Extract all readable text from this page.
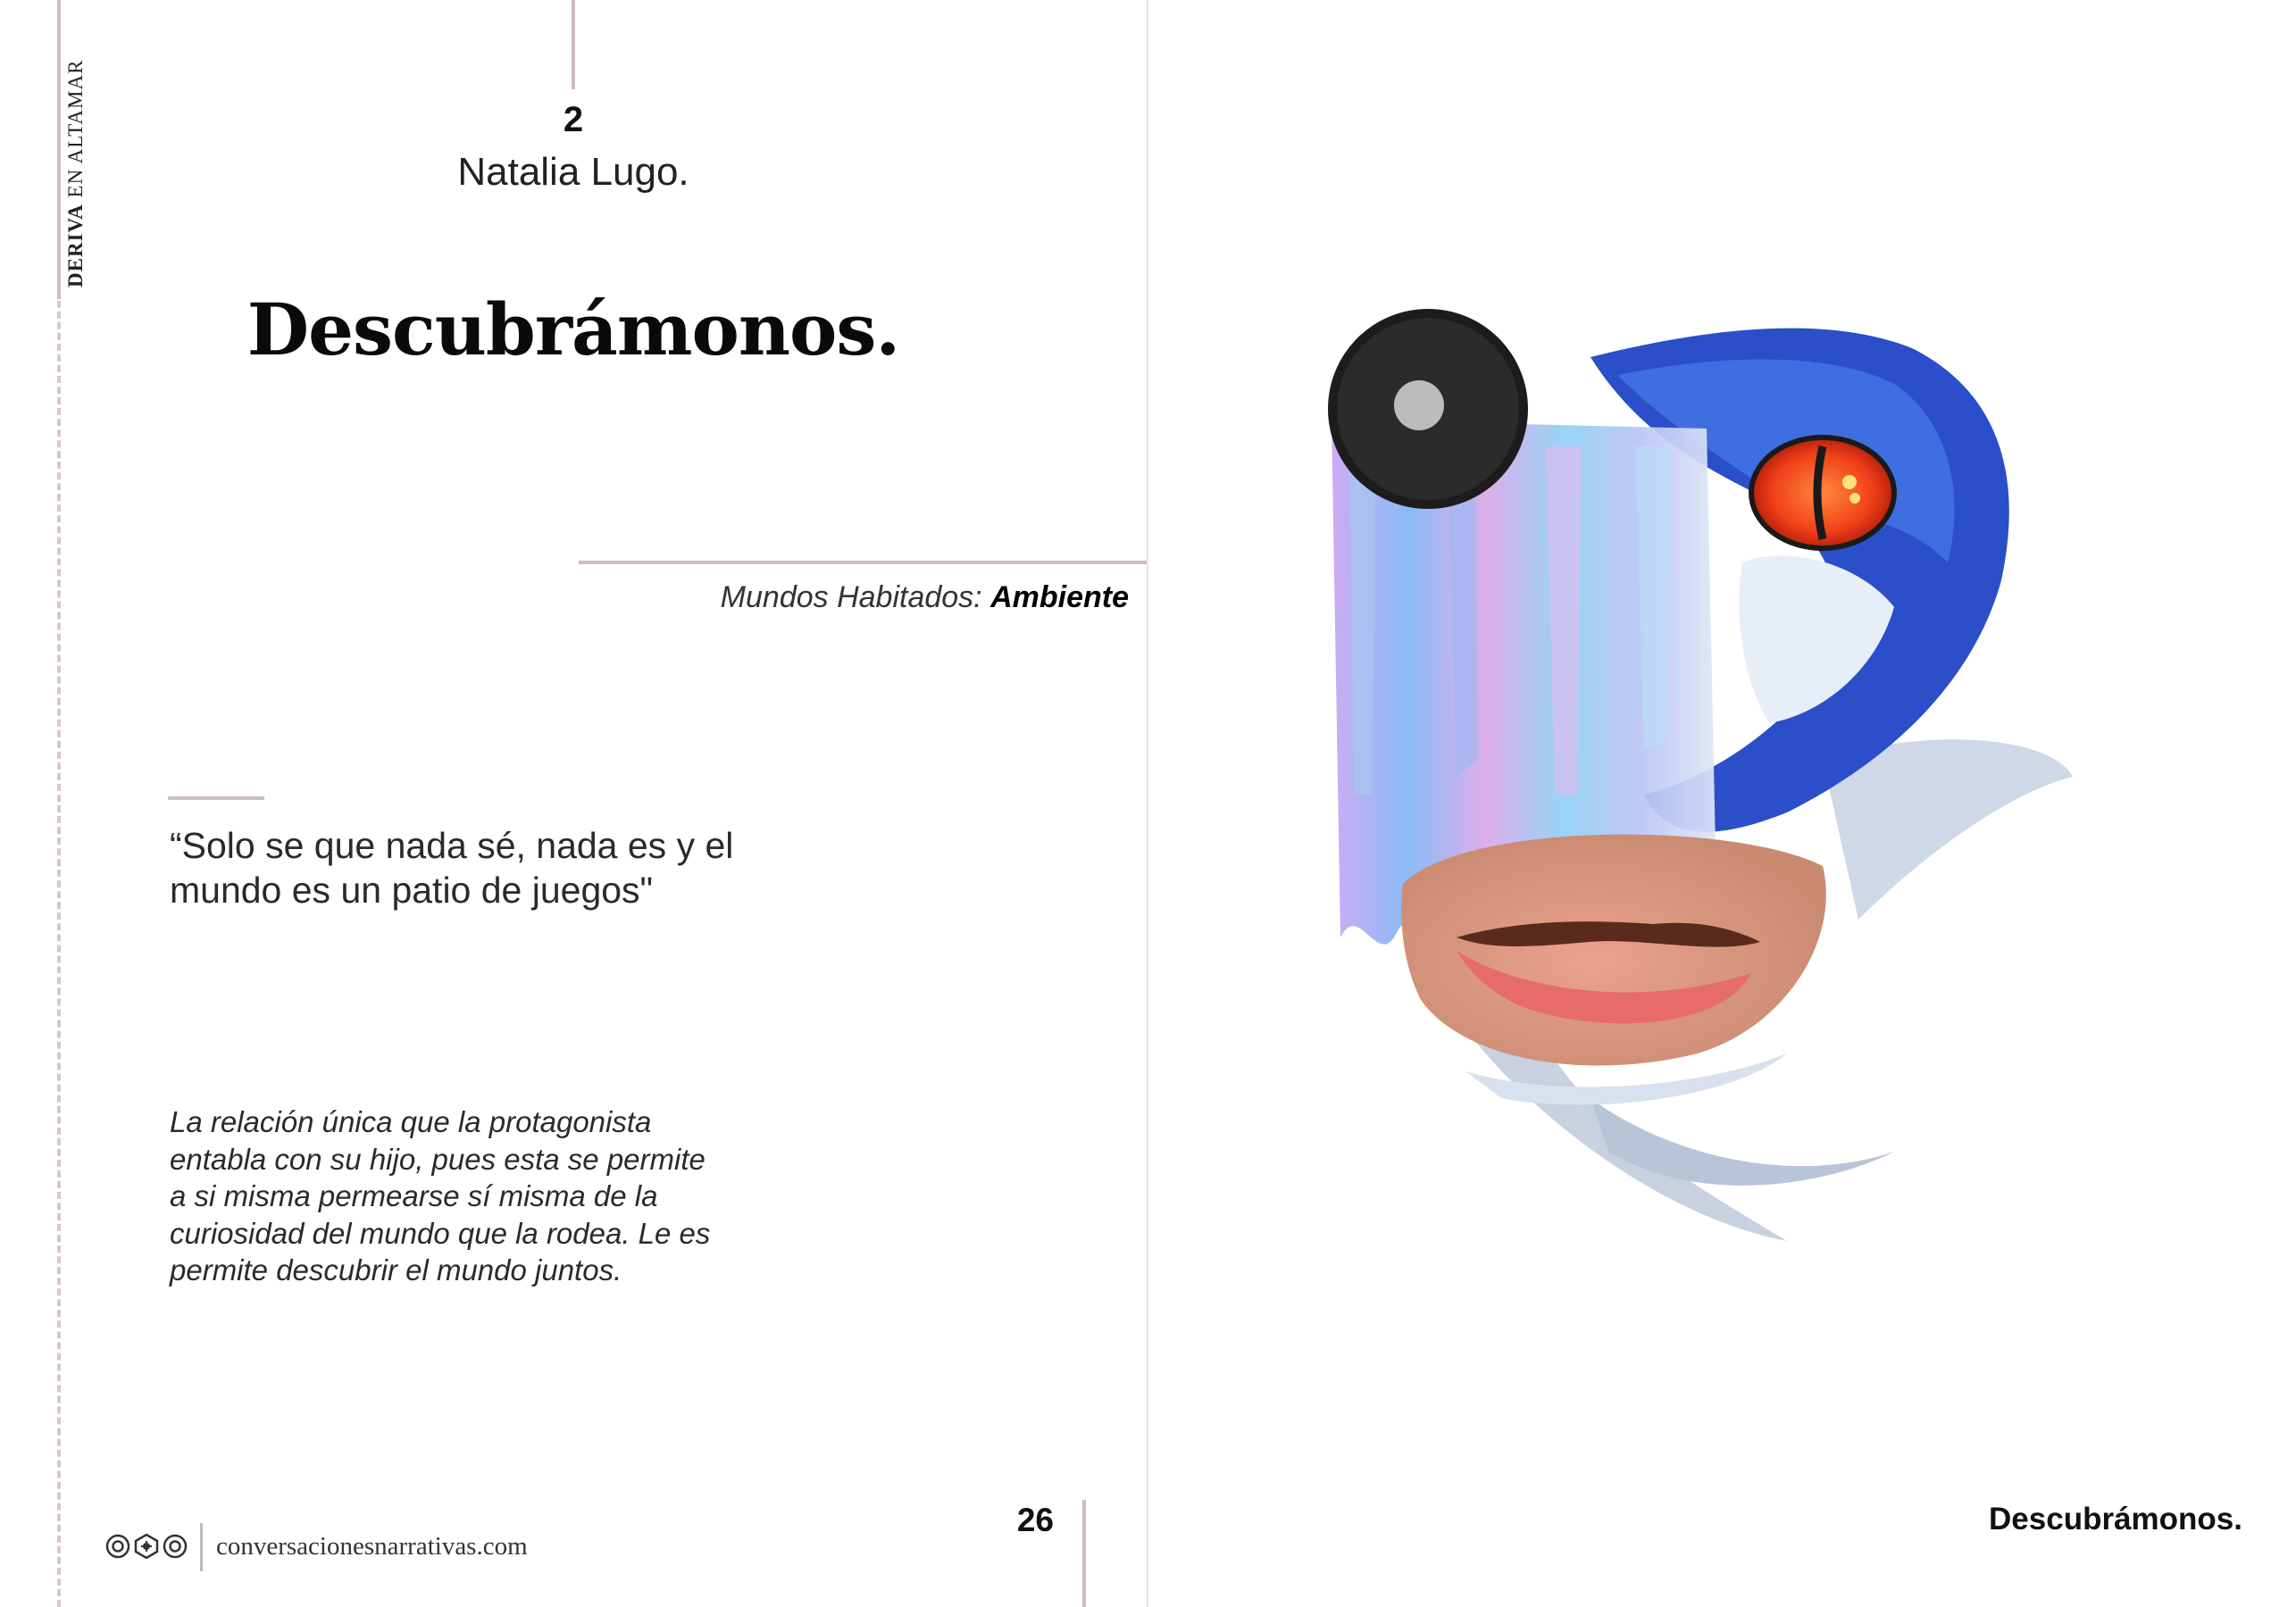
DERIVA EN ALTAMAR	2
Natalia Lugo.
Descubrámonos.
Mundos Habitados: Ambiente
“Solo se que nada sé, nada es y el mundo es un patio de juegos"
La relación única que la protagonista entabla con su hijo, pues esta se permite a si misma permearse sí misma de la curiosidad del mundo que la rodea. Le es permite descubrir el mundo juntos.
conversacionesnarrativas.com
26	Descubrámonos.
